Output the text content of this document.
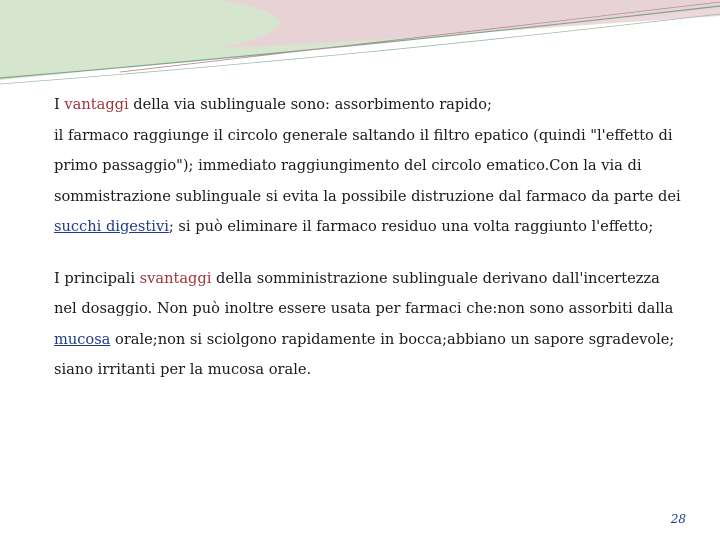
I vantaggi della via sublinguale sono: assorbimento rapido;
il farmaco raggiunge il circolo generale saltando il filtro epatico (quindi "l'effetto di primo passaggio"); immediato raggiungimento del circolo ematico.Con la via di sommistrazione sublinguale si evita la possibile distruzione dal farmaco da parte dei succhi digestivi; si può eliminare il farmaco residuo una volta raggiunto l'effetto;

I principali svantaggi della somministrazione sublinguale derivano dall'incertezza nel dosaggio. Non può inoltre essere usata per farmaci che:non sono assorbiti dalla mucosa orale;non si sciolgono rapidamente in bocca;abbiano un sapore sgradevole; siano irritanti per la mucosa orale.

28
